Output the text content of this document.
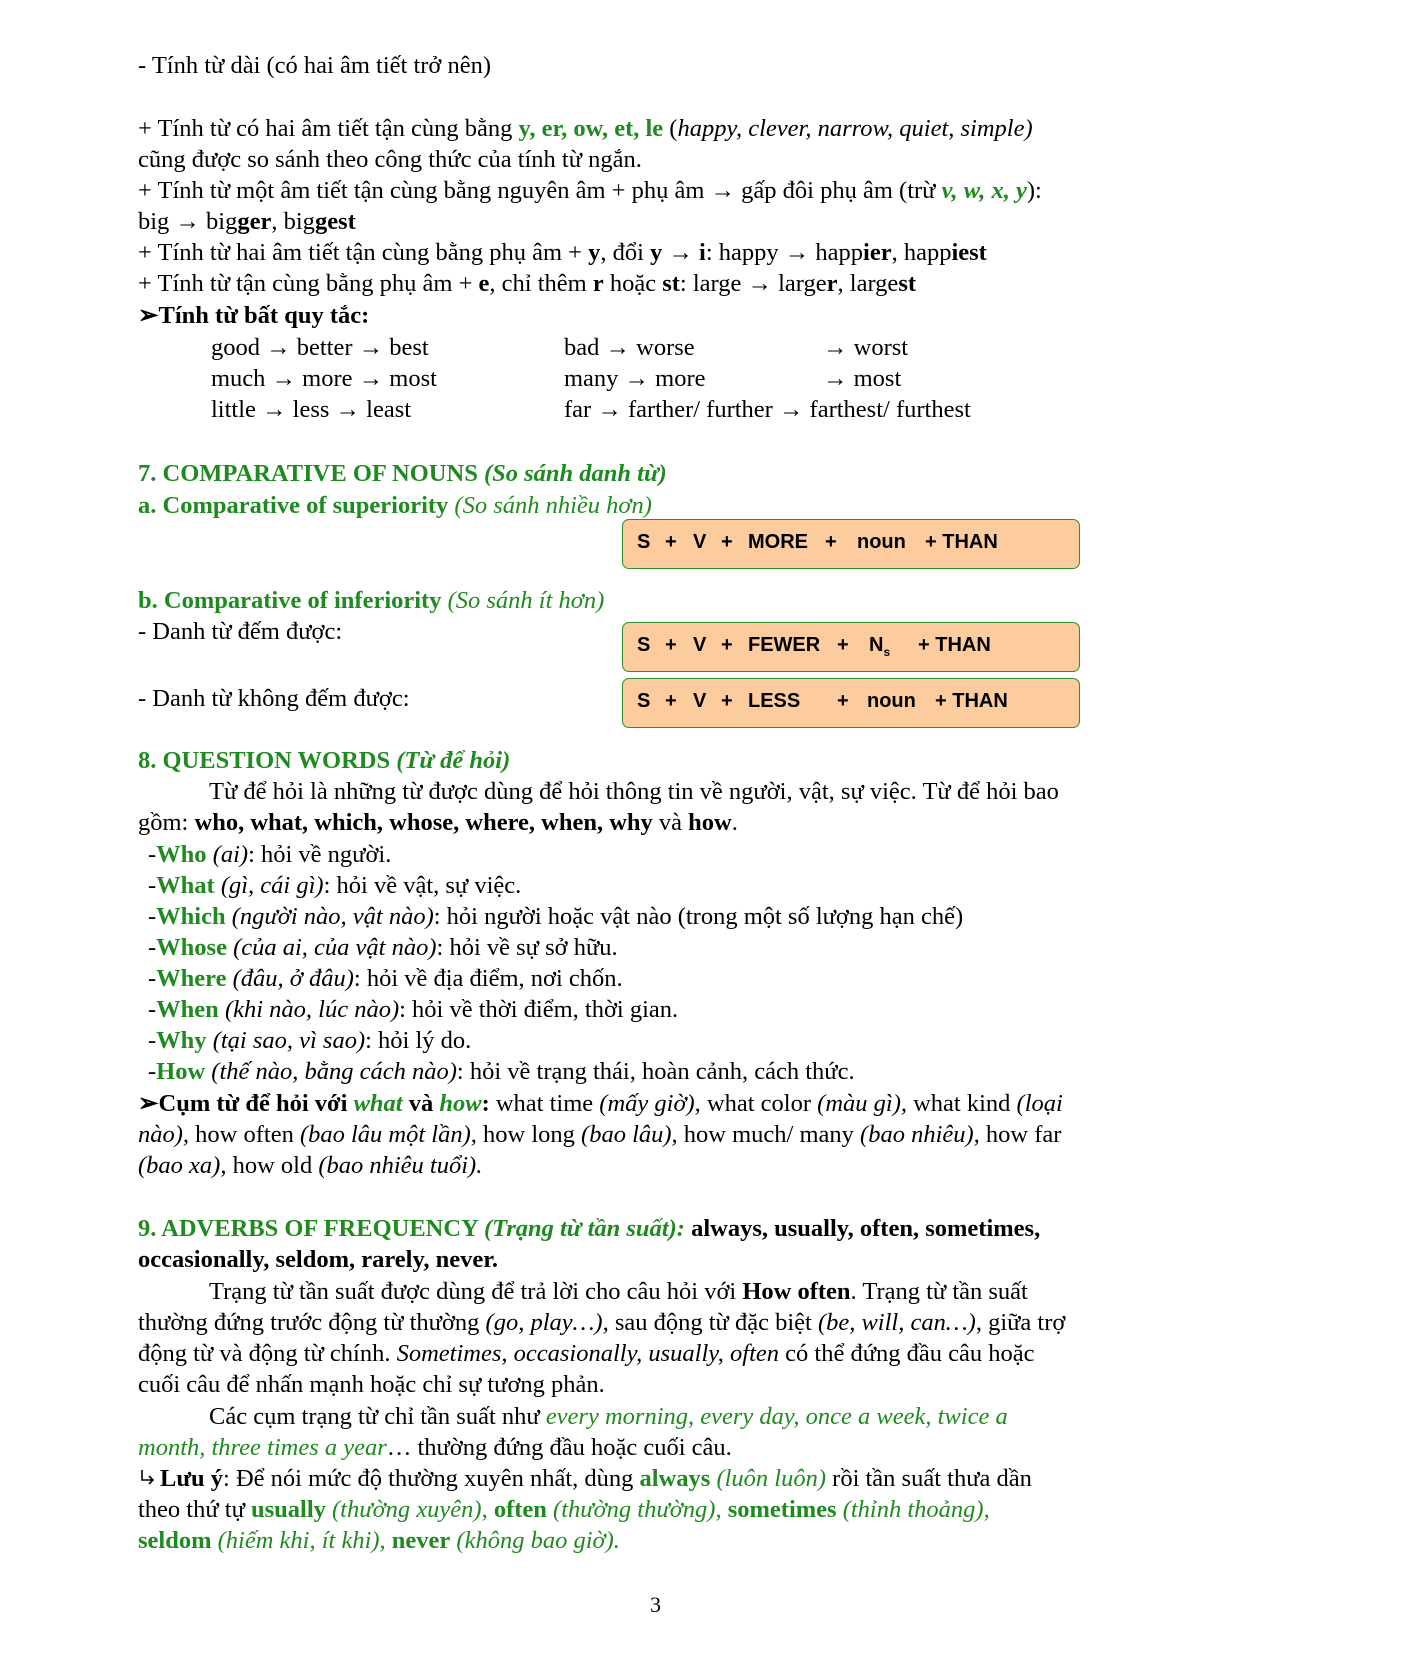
- Tính từ dài (có hai âm tiết trở nên)
+ Tính từ có hai âm tiết tận cùng bằng y, er, ow, et, le (happy, clever, narrow, quiet, simple)
cũng được so sánh theo công thức của tính từ ngắn.
+ Tính từ một âm tiết tận cùng bằng nguyên âm + phụ âm → gấp đôi phụ âm (trừ v, w, x, y):
big → bigger, biggest
+ Tính từ hai âm tiết tận cùng bằng phụ âm + y, đổi y → i: happy → happier, happiest
+ Tính từ tận cùng bằng phụ âm + e, chỉ thêm r hoặc st: large → larger, largest
➢Tính từ bất quy tắc:
good → better → best	bad → worse	→ worst
much → more → most	many → more	→ most
little → less → least	far → farther/ further → farthest/ furthest
7. COMPARATIVE OF NOUNS (So sánh danh từ)
a. Comparative of superiority (So sánh nhiều hơn)
S + V + MORE + noun + THAN
b. Comparative of inferiority (So sánh ít hơn)
- Danh từ đếm được:	S + V + FEWER + $N_s$ + THAN
- Danh từ không đếm được:	S + V + LESS + noun + THAN
8. QUESTION WORDS (Từ để hỏi)
Từ để hỏi là những từ được dùng để hỏi thông tin về người, vật, sự việc. Từ để hỏi bao
gồm: who, what, which, whose, where, when, why và how.
-Who (ai): hỏi về người.
-What (gì, cái gì): hỏi về vật, sự việc.
-Which (người nào, vật nào): hỏi người hoặc vật nào (trong một số lượng hạn chế)
-Whose (của ai, của vật nào): hỏi về sự sở hữu.
-Where (đâu, ở đâu): hỏi về địa điểm, nơi chốn.
-When (khi nào, lúc nào): hỏi về thời điểm, thời gian.
-Why (tại sao, vì sao): hỏi lý do.
-How (thế nào, bằng cách nào): hỏi về trạng thái, hoàn cảnh, cách thức.
➢Cụm từ để hỏi với what và how: what time (mấy giờ), what color (màu gì), what kind (loại
nào), how often (bao lâu một lần), how long (bao lâu), how much/ many (bao nhiêu), how far
(bao xa), how old (bao nhiêu tuổi).
9. ADVERBS OF FREQUENCY (Trạng từ tần suất): always, usually, often, sometimes,
occasionally, seldom, rarely, never.
Trạng từ tần suất được dùng để trả lời cho câu hỏi với How often. Trạng từ tần suất
thường đứng trước động từ thường (go, play…), sau động từ đặc biệt (be, will, can…), giữa trợ
động từ và động từ chính. Sometimes, occasionally, usually, often có thể đứng đầu câu hoặc
cuối câu để nhấn mạnh hoặc chỉ sự tương phản.
Các cụm trạng từ chỉ tần suất như every morning, every day, once a week, twice a
month, three times a year… thường đứng đầu hoặc cuối câu.
Lưu ý: Để nói mức độ thường xuyên nhất, dùng always (luôn luôn) rồi tần suất thưa dần
theo thứ tự usually (thường xuyên), often (thường thường), sometimes (thỉnh thoảng),
seldom (hiếm khi, ít khi), never (không bao giờ).
3
